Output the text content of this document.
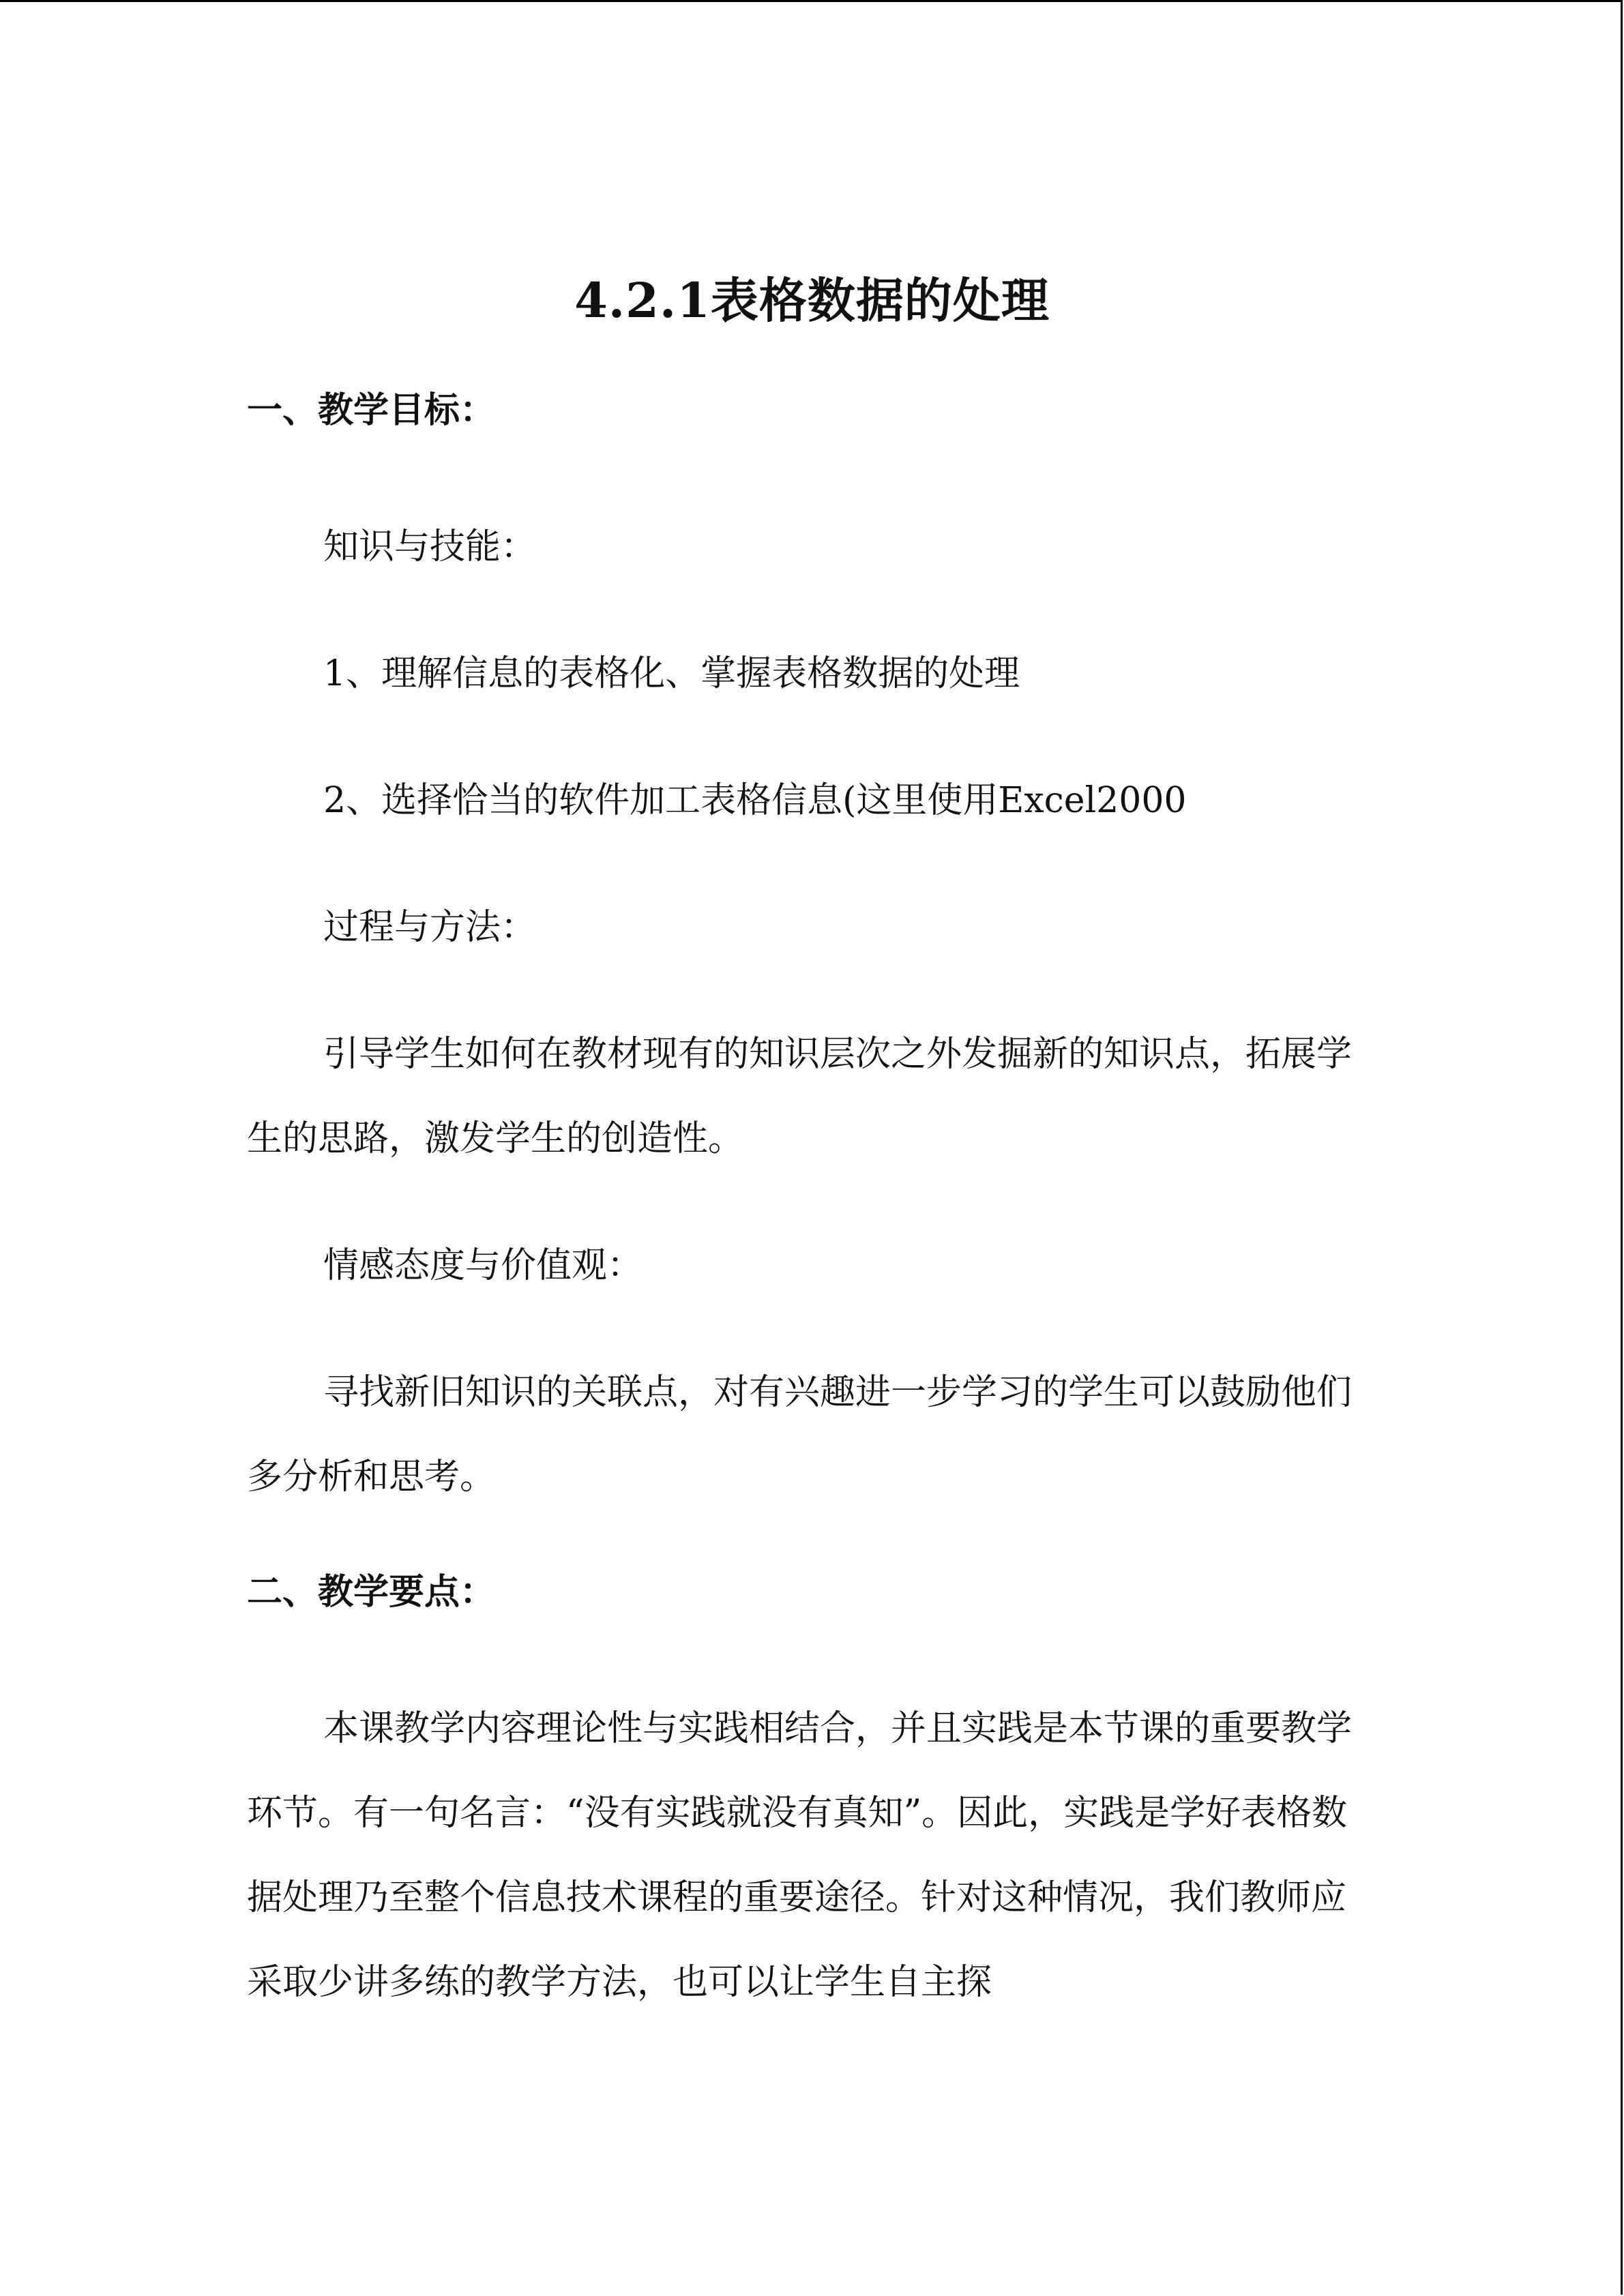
4.2.1表格数据的处理
一、教学目标：
知识与技能：
1、理解信息的表格化、掌握表格数据的处理
2、选择恰当的软件加工表格信息(这里使用Excel2000
过程与方法：
引导学生如何在教材现有的知识层次之外发掘新的知识点，拓展学生的思路，激发学生的创造性。
情感态度与价值观：
寻找新旧知识的关联点，对有兴趣进一步学习的学生可以鼓励他们多分析和思考。
二、教学要点：
本课教学内容理论性与实践相结合，并且实践是本节课的重要教学环节。有一句名言：“没有实践就没有真知”。因此，实践是学好表格数据处理乃至整个信息技术课程的重要途径。针对这种情况，我们教师应采取少讲多练的教学方法，也可以让学生自主探
